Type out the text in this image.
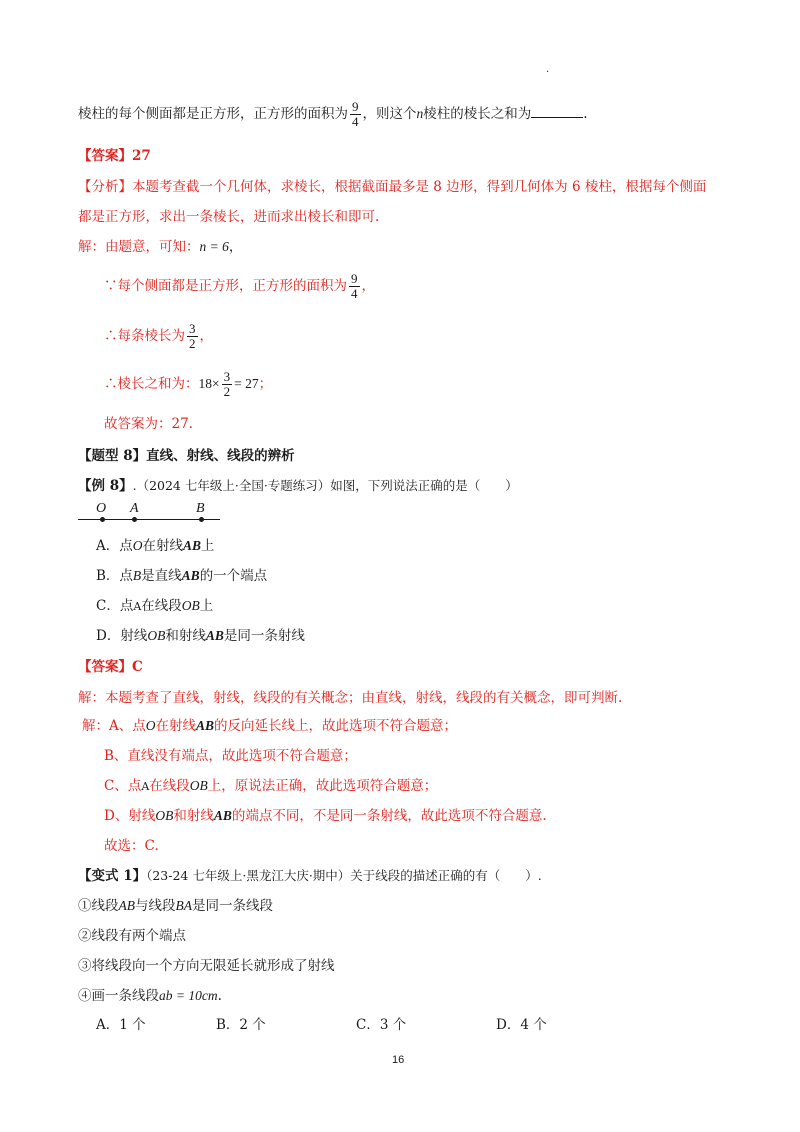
.
棱柱的每个侧面都是正方形，正方形的面积为 $\frac{9}{4}$ ，则这个n棱柱的棱长之和为	.
【答案】27
【分析】本题考查截一个几何体，求棱长，根据截面最多是 8 边形，得到几何体为 6 棱柱，根据每个侧面
都是正方形，求出一条棱长，进而求出棱长和即可.
解：由题意，可知：n = 6，
∵每个侧面都是正方形，正方形的面积为 $\frac{9}{4}$ ，
∴每条棱长为 $\frac{3}{2}$ ，
∴棱长之和为：$18\times \frac{3}{2} = 27$；
故答案为：27.
【题型 8】直线、射线、线段的辨析
【例 8】.（2024 七年级上·全国·专题练习）如图，下列说法正确的是（　　）
O A	B
A．点O在射线AB上
B．点B是直线AB的一个端点
C．点A在线段OB上
D．射线OB和射线AB是同一条射线
【答案】C
解：本题考查了直线，射线，线段的有关概念；由直线，射线，线段的有关概念，即可判断.
解：A、点O在射线AB的反向延长线上，故此选项不符合题意；
B、直线没有端点，故此选项不符合题意；
C、点A在线段OB上，原说法正确，故此选项符合题意；
D、射线OB和射线AB的端点不同，不是同一条射线，故此选项不符合题意.
故选：C.
【变式 1】（23-24 七年级上·黑龙江大庆·期中）关于线段的描述正确的有（　　）.
①线段AB与线段BA是同一条线段
②线段有两个端点
③将线段向一个方向无限延长就形成了射线
④画一条线段ab = 10cm.
A．1 个	B．2 个	C．3 个	D．4 个
16
